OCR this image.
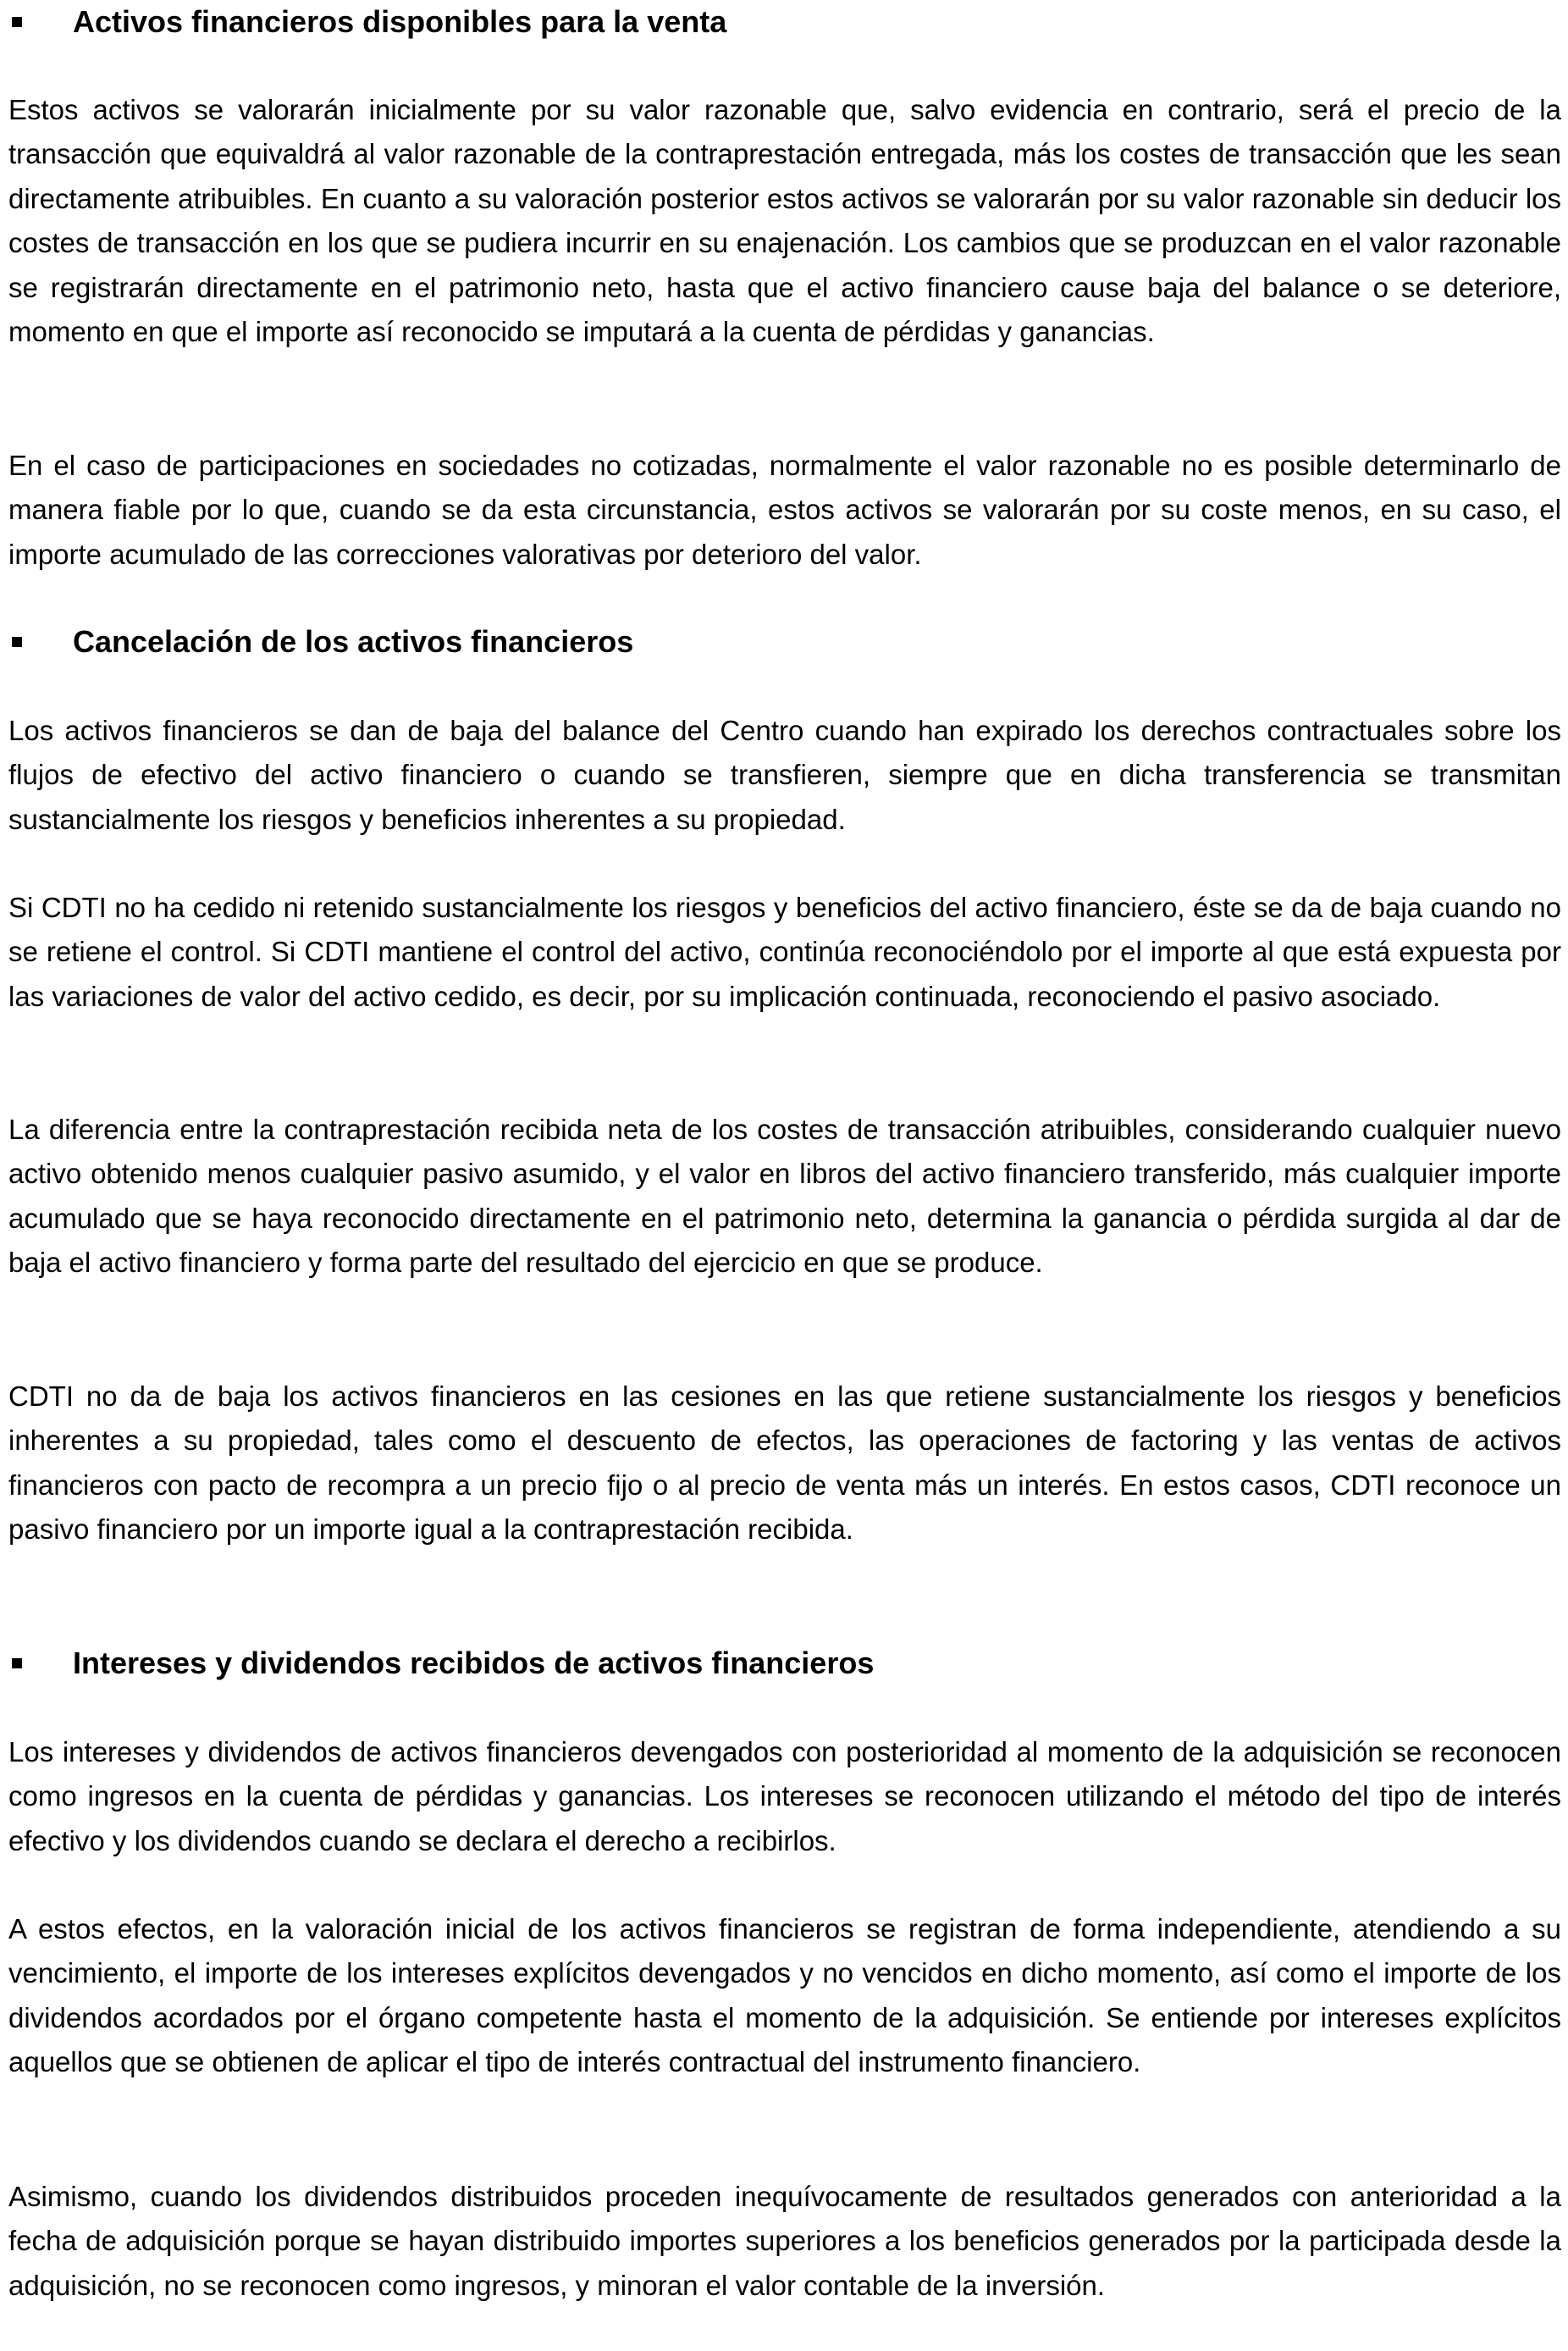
Activos financieros disponibles para la venta

Estos activos se valorarán inicialmente por su valor razonable que, salvo evidencia en contrario, será el precio de la transacción que equivaldrá al valor razonable de la contraprestación entregada, más los costes de transacción que les sean directamente atribuibles. En cuanto a su valoración posterior estos activos se valorarán por su valor razonable sin deducir los costes de transacción en los que se pudiera incurrir en su enajenación. Los cambios que se produzcan en el valor razonable se registrarán directamente en el patrimonio neto, hasta que el activo financiero cause baja del balance o se deteriore, momento en que el importe así reconocido se imputará a la cuenta de pérdidas y ganancias.

En el caso de participaciones en sociedades no cotizadas, normalmente el valor razonable no es posible determinarlo de manera fiable por lo que, cuando se da esta circunstancia, estos activos se valorarán por su coste menos, en su caso, el importe acumulado de las correcciones valorativas por deterioro del valor.

Cancelación de los activos financieros

Los activos financieros se dan de baja del balance del Centro cuando han expirado los derechos contractuales sobre los flujos de efectivo del activo financiero o cuando se transfieren, siempre que en dicha transferencia se transmitan sustancialmente los riesgos y beneficios inherentes a su propiedad.

Si CDTI no ha cedido ni retenido sustancialmente los riesgos y beneficios del activo financiero, éste se da de baja cuando no se retiene el control. Si CDTI mantiene el control del activo, continúa reconociéndolo por el importe al que está expuesta por las variaciones de valor del activo cedido, es decir, por su implicación continuada, reconociendo el pasivo asociado.

La diferencia entre la contraprestación recibida neta de los costes de transacción atribuibles, considerando cualquier nuevo activo obtenido menos cualquier pasivo asumido, y el valor en libros del activo financiero transferido, más cualquier importe acumulado que se haya reconocido directamente en el patrimonio neto, determina la ganancia o pérdida surgida al dar de baja el activo financiero y forma parte del resultado del ejercicio en que se produce.

CDTI no da de baja los activos financieros en las cesiones en las que retiene sustancialmente los riesgos y beneficios inherentes a su propiedad, tales como el descuento de efectos, las operaciones de factoring y las ventas de activos financieros con pacto de recompra a un precio fijo o al precio de venta más un interés. En estos casos, CDTI reconoce un pasivo financiero por un importe igual a la contraprestación recibida.

Intereses y dividendos recibidos de activos financieros

Los intereses y dividendos de activos financieros devengados con posterioridad al momento de la adquisición se reconocen como ingresos en la cuenta de pérdidas y ganancias. Los intereses se reconocen utilizando el método del tipo de interés efectivo y los dividendos cuando se declara el derecho a recibirlos.

A estos efectos, en la valoración inicial de los activos financieros se registran de forma independiente, atendiendo a su vencimiento, el importe de los intereses explícitos devengados y no vencidos en dicho momento, así como el importe de los dividendos acordados por el órgano competente hasta el momento de la adquisición. Se entiende por intereses explícitos aquellos que se obtienen de aplicar el tipo de interés contractual del instrumento financiero.

Asimismo, cuando los dividendos distribuidos proceden inequívocamente de resultados generados con anterioridad a la fecha de adquisición porque se hayan distribuido importes superiores a los beneficios generados por la participada desde la adquisición, no se reconocen como ingresos, y minoran el valor contable de la inversión.
